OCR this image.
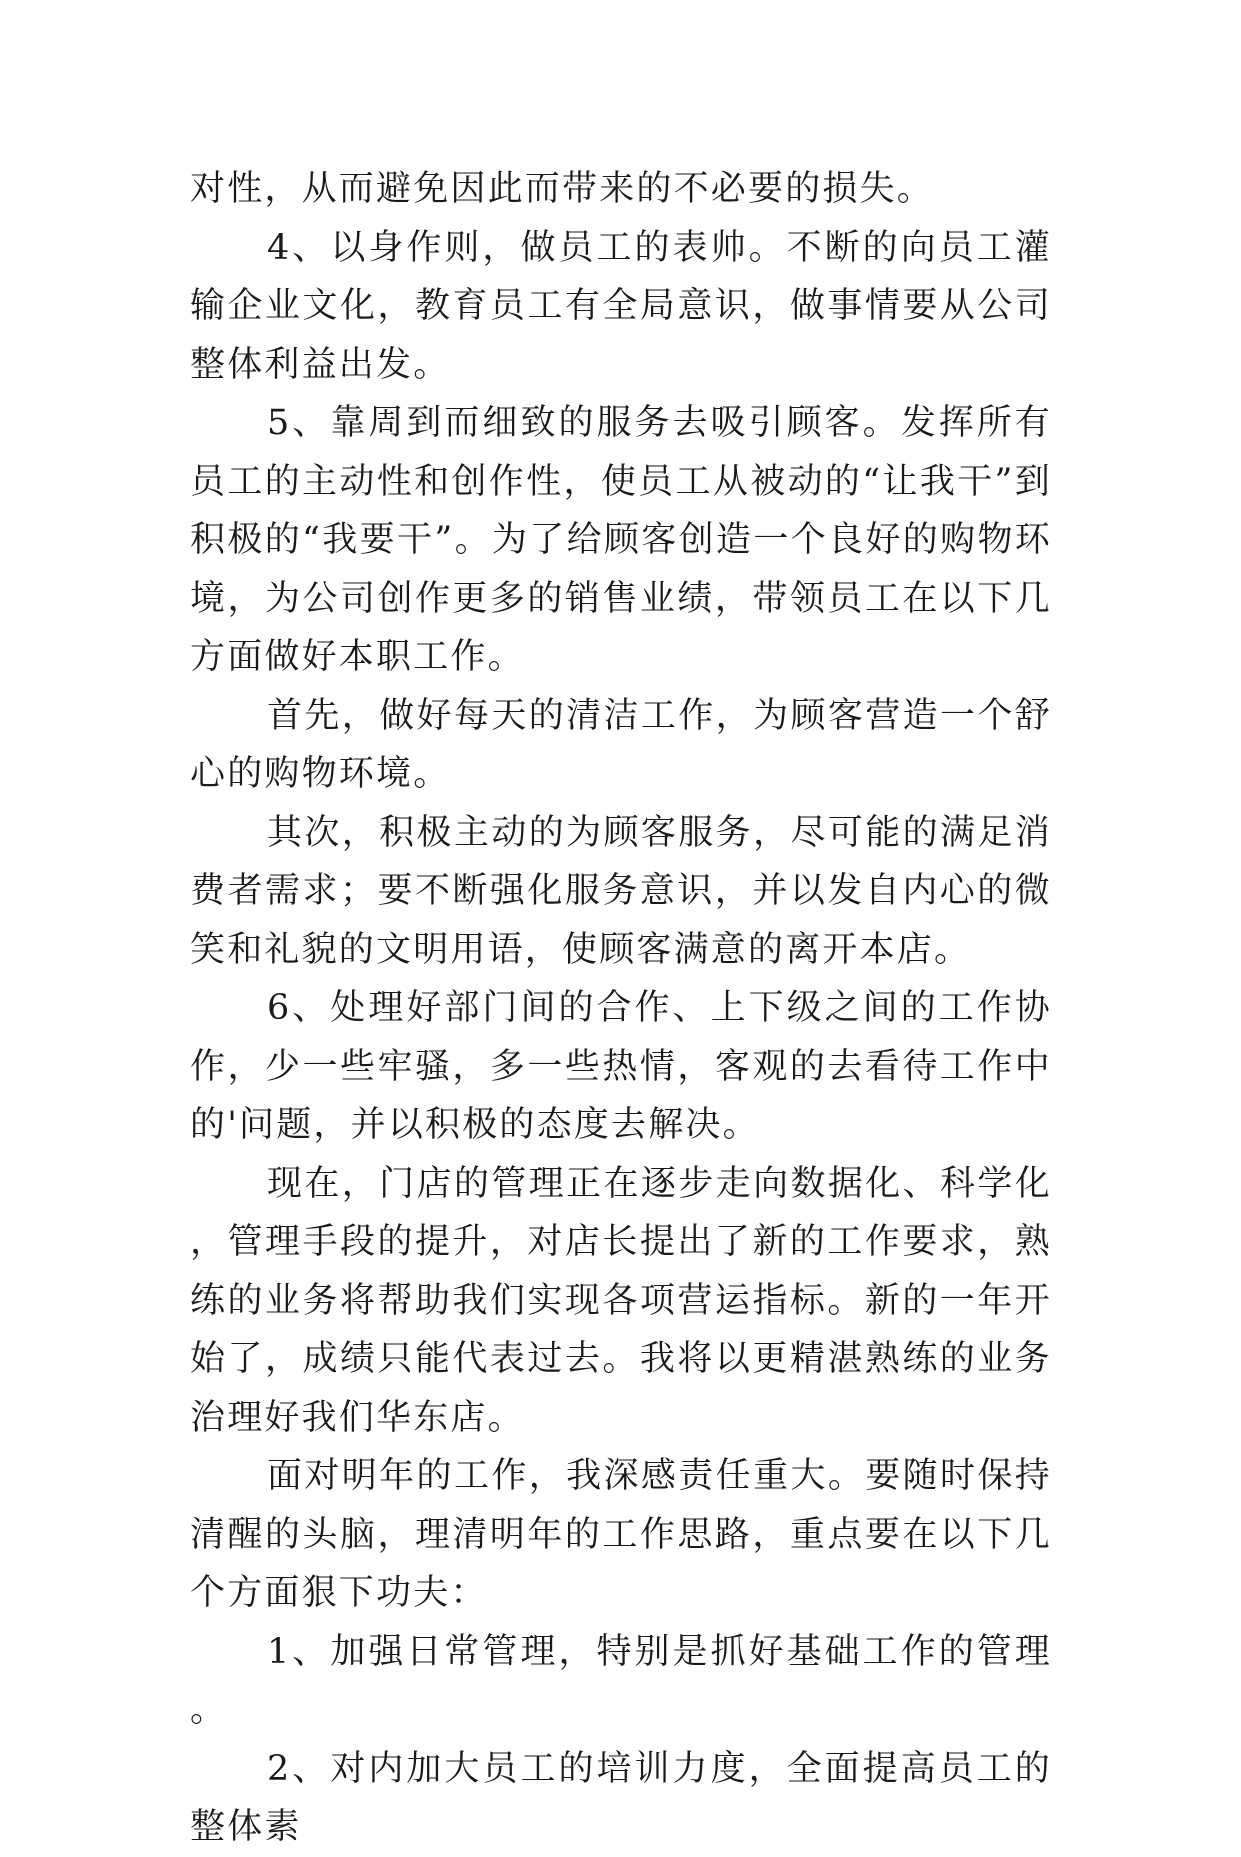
对性，从而避免因此而带来的不必要的损失。

4、以身作则，做员工的表帅。不断的向员工灌输企业文化，教育员工有全局意识，做事情要从公司整体利益出发。

5、靠周到而细致的服务去吸引顾客。发挥所有员工的主动性和创作性，使员工从被动的“让我干”到积极的“我要干”。为了给顾客创造一个良好的购物环境，为公司创作更多的销售业绩，带领员工在以下几方面做好本职工作。

首先，做好每天的清洁工作，为顾客营造一个舒心的购物环境。

其次，积极主动的为顾客服务，尽可能的满足消费者需求；要不断强化服务意识，并以发自内心的微笑和礼貌的文明用语，使顾客满意的离开本店。

6、处理好部门间的合作、上下级之间的工作协作，少一些牢骚，多一些热情，客观的去看待工作中的'问题，并以积极的态度去解决。

现在，门店的管理正在逐步走向数据化、科学化，管理手段的提升，对店长提出了新的工作要求，熟练的业务将帮助我们实现各项营运指标。新的一年开始了，成绩只能代表过去。我将以更精湛熟练的业务治理好我们华东店。

面对明年的工作，我深感责任重大。要随时保持清醒的头脑，理清明年的工作思路，重点要在以下几个方面狠下功夫：

1、加强日常管理，特别是抓好基础工作的管理。

2、对内加大员工的培训力度，全面提高员工的整体素
